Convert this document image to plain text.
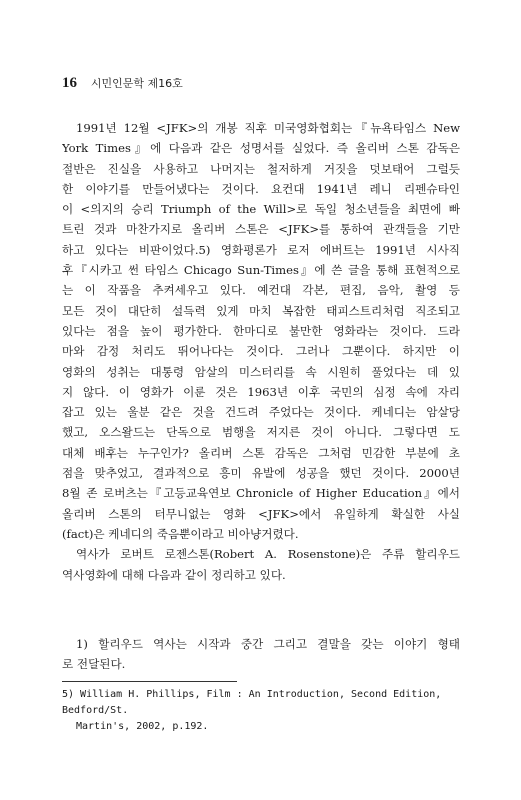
16 시민인문학 제16호
1991년 12월 <JFK>의 개봉 직후 미국영화협회는『뉴욕타임스 New
York Times』에 다음과 같은 성명서를 실었다. 즉 올리버 스톤 감독은
절반은 진실을 사용하고 나머지는 철저하게 거짓을 덧보태어 그럴듯
한 이야기를 만들어냈다는 것이다. 요컨대 1941년 레니 리펜슈타인
이 <의지의 승리 Triumph of the Will>로 독일 청소년들을 최면에 빠
트린 것과 마찬가지로 올리버 스톤은 <JFK>를 통하여 관객들을 기만
하고 있다는 비판이었다.5) 영화평론가 로저 에버트는 1991년 시사직
후『시카고 썬 타임스 Chicago Sun-Times』에 쓴 글을 통해 표현적으로
는 이 작품을 추켜세우고 있다. 예컨대 각본, 편집, 음악, 촬영 등
모든 것이 대단히 설득력 있게 마치 복잡한 태피스트리처럼 직조되고
있다는 점을 높이 평가한다. 한마디로 불만한 영화라는 것이다. 드라
마와 감정 처리도 뛰어나다는 것이다. 그러나 그뿐이다. 하지만 이
영화의 성취는 대통령 암살의 미스터리를 속 시원히 풀었다는 데 있
지 않다. 이 영화가 이룬 것은 1963년 이후 국민의 심정 속에 자리
잡고 있는 울분 같은 것을 건드려 주었다는 것이다. 케네디는 암살당
했고, 오스왈드는 단독으로 범행을 저지른 것이 아니다. 그렇다면 도
대체 배후는 누구인가? 올리버 스톤 감독은 그처럼 민감한 부분에 초
점을 맞추었고, 결과적으로 흥미 유발에 성공을 했던 것이다. 2000년
8월 존 로버츠는『고등교육연보 Chronicle of Higher Education』에서
올리버 스톤의 터무니없는 영화 <JFK>에서 유일하게 확실한 사실
(fact)은 케네디의 죽음뿐이라고 비아냥거렸다.
역사가 로버트 로젠스톤(Robert A. Rosenstone)은 주류 할리우드
역사영화에 대해 다음과 같이 정리하고 있다.
1) 할리우드 역사는 시작과 중간 그리고 결말을 갖는 이야기 형태
로 전달된다.
5) William H. Phillips, Film : An Introduction, Second Edition, Bedford/St.
Martin's, 2002, p.192.
